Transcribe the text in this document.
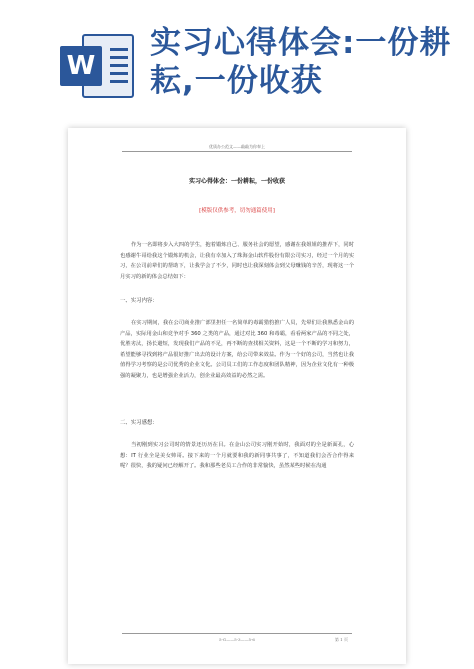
W
实习心得体会:一份耕耘,一份收获
优质办公范文——敲敲为你奉上
实习心得体会：一份耕耘，一份收获
[模版仅供参考，切勿通篇使用]

作为一名即将步入大四的学生，抱着锻炼自己、服务社会的愿望，感谢在我姐姐的推荐下，同时也感谢牛哥给我这个锻炼的机会，让我有幸加入了珠海金山软件股份有限公司实习，经过一个月的实习，在公司前辈们的帮助下，让我学会了不少，同时也让我深刻体会到父母赚钱的辛苦，现将这一个月实习的新的体会总结如下：

一、实习内容：

在实习期间，我在公司商业推广部里担任一名简单的毒霸猎豹推广人员，先晕们让我熟悉金山的产品，实际用金山和竞争对手 360 之类的产品，通过对比 360 和毒霸，看看两家产品的不同之处，优胜劣汰，扬长避短，发现我们产品的不足，再不断的查找相关资料，这是一个不断的学习和努力，希望能够寻找到将产品很好推广出去的设计方案，给公司带来效益。作为一个好的公司，当然也让我值得学习考察的是公司优秀的企业文化。公司员工们的工作态度和团队精神，因为企业文化有一种极强的凝聚力，也是增强企业活力，创企业最高效益的必然之需。

二、实习感想：

当初刚到实习公司时的情景还历历在目。在金山公司实习刚开始时，我面对的全是新面孔，心想：IT 行业全是美女帅哥。接下来的一个月就要和我的新同事共事了，不知道我们会否合作得来呢？很快，我的疑问已经解开了。我和那些老员工合作的非常愉快，虽然某些时候在沟通

5-G——5-3——5-6	第 1 页
